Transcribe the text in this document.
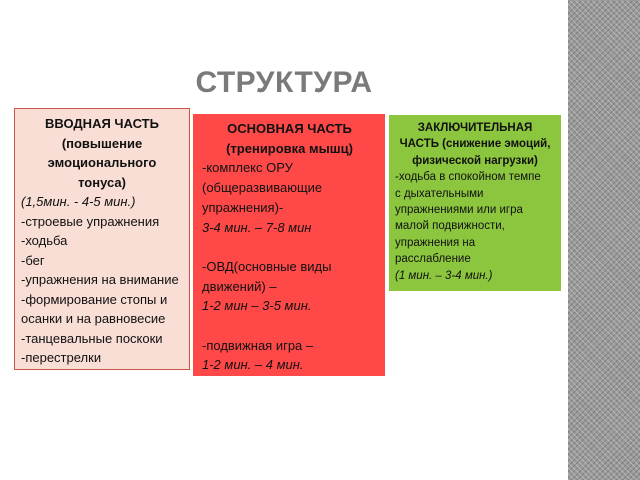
СТРУКТУРА
ВВОДНАЯ ЧАСТЬ
(повышение
эмоционального
тонуса)
(1,5мин. - 4-5 мин.)
-строевые упражнения
-ходьба
-бег
-упражнения на внимание
-формирование стопы и
осанки и на равновесие
-танцевальные поскоки
-перестрелки
ОСНОВНАЯ ЧАСТЬ
(тренировка мышц)
-комплекс ОРУ
(общеразвивающие
упражнения)-
3-4 мин. – 7-8 мин

-ОВД(основные виды
движений) –
1-2 мин – 3-5 мин.

-подвижная игра –
1-2 мин. – 4 мин.
ЗАКЛЮЧИТЕЛЬНАЯ
ЧАСТЬ (снижение эмоций,
физической нагрузки)
-ходьба в спокойном темпе
с дыхательными
упражнениями или игра
малой подвижности,
упражнения на
расслабление
(1 мин. – 3-4 мин.)
